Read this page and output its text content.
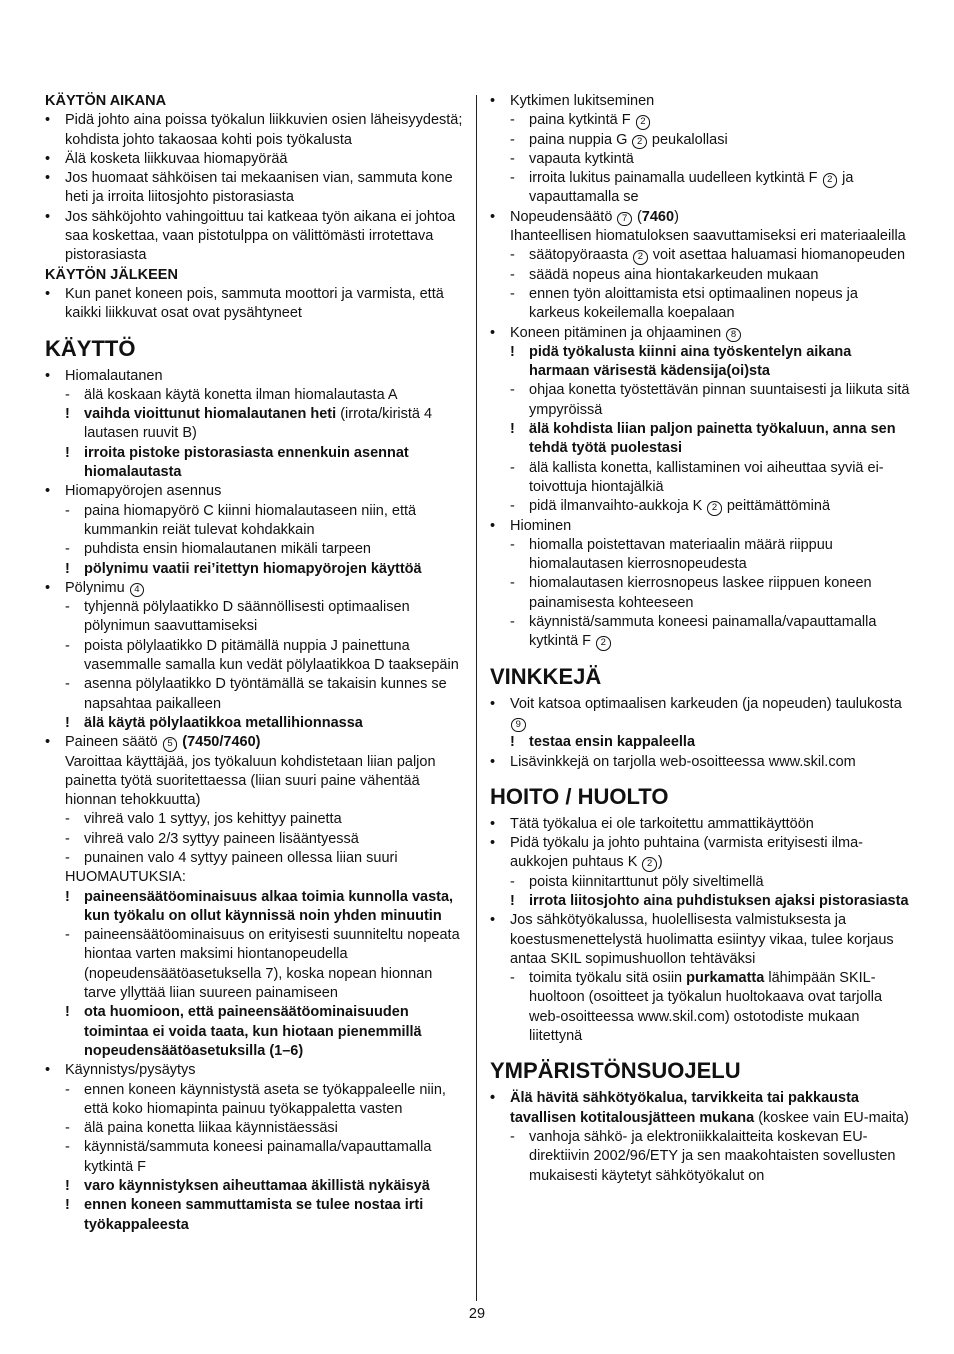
KÄYTÖN AIKANA
• Pidä johto aina poissa työkalun liikkuvien osien läheisyydestä; kohdista johto takaosaa kohti pois työkalusta
• Älä kosketa liikkuvaa hiomapyörää
• Jos huomaat sähköisen tai mekaanisen vian, sammuta kone heti ja irroita liitosjohto pistorasiasta
• Jos sähköjohto vahingoittuu tai katkeaa työn aikana ei johtoa saa koskettaa, vaan pistotulppa on välittömästi irrotettava pistorasiasta
KÄYTÖN JÄLKEEN
• Kun panet koneen pois, sammuta moottori ja varmista, että kaikki liikkuvat osat ovat pysähtyneet
KÄYTTÖ
• Hiomalautanen
- älä koskaan käytä konetta ilman hiomalautasta A
! vaihda vioittunut hiomalautanen heti (irrota/kiristä 4 lautasen ruuvit B)
! irroita pistoke pistorasiasta ennenkuin asennat hiomalautasta
• Hiomapyörojen asennus
- paina hiomapyörö C kiinni hiomalautaseen niin, että kummankin reiät tulevat kohdakkain
- puhdista ensin hiomalautanen mikäli tarpeen
! pölynimu vaatii rei’itettyn hiomapyörojen käyttöä
• Pölynimu 4
- tyhjennä pölylaatikko D säännöllisesti optimaalisen pölynimun saavuttamiseksi
- poista pölylaatikko D pitämällä nuppia J painettuna vasemmalle samalla kun vedät pölylaatikkoa D taaksepäin
- asenna pölylaatikko D työntämällä se takaisin kunnes se napsahtaa paikalleen
! älä käytä pölylaatikkoa metallihionnassa
• Paineen säätö 5 (7450/7460)
Varoittaa käyttäjää, jos työkaluun kohdistetaan liian paljon painetta työtä suoritettaessa (liian suuri paine vähentää hionnan tehokkuutta)
- vihreä valo 1 syttyy, jos kehittyy painetta
- vihreä valo 2/3 syttyy paineen lisääntyessä
- punainen valo 4 syttyy paineen ollessa liian suuri
HUOMAUTUKSIA:
! paineensäätöominaisuus alkaa toimia kunnolla vasta, kun työkalu on ollut käynnissä noin yhden minuutin
- paineensäätöominaisuus on erityisesti suunniteltu nopeata hiontaa varten maksimi hiontanopeudella (nopeudensäätöasetuksella 7), koska nopean hionnan tarve yllyttää liian suureen painamiseen
! ota huomioon, että paineensäätöominaisuuden toimintaa ei voida taata, kun hiotaan pienemmillä nopeudensäätöasetuksilla (1–6)
• Käynnistys/pysäytys
- ennen koneen käynnistystä aseta se työkappaleelle niin, että koko hiomapinta painuu työkappaletta vasten
- älä paina konetta liikaa käynnistäessäsi
- käynnistä/sammuta koneesi painamalla/vapauttamalla kytkintä F
! varo käynnistyksen aiheuttamaa äkillistä nykäisyä
! ennen koneen sammuttamista se tulee nostaa irti työkappaleesta
• Kytkimen lukitseminen
- paina kytkintä F 2
- paina nuppia G 2 peukalollasi
- vapauta kytkintä
- irroita lukitus painamalla uudelleen kytkintä F 2 ja vapauttamalla se
• Nopeudensäätö 7 (7460)
Ihanteellisen hiomatuloksen saavuttamiseksi eri materiaaleilla
- säätopyöraasta 2 voit asettaa haluamasi hiomanopeuden
- säädä nopeus aina hiontakarkeuden mukaan
- ennen työn aloittamista etsi optimaalinen nopeus ja karkeus kokeilemalla koepalaan
• Koneen pitäminen ja ohjaaminen 8
! pidä työkalusta kiinni aina työskentelyn aikana harmaan värisestä kädensija(oi)sta
- ohjaa konetta työstettävän pinnan suuntaisesti ja liikuta sitä ympyröissä
! älä kohdista liian paljon painetta työkaluun, anna sen tehdä työtä puolestasi
- älä kallista konetta, kallistaminen voi aiheuttaa syviä ei-toivottuja hiontajälkiä
- pidä ilmanvaihto-aukkoja K 2 peittämättöminä
• Hiominen
- hiomalla poistettavan materiaalin määrä riippuu hiomalautasen kierrosnopeudesta
- hiomalautasen kierrosnopeus laskee riippuen koneen painamisesta kohteeseen
- käynnistä/sammuta koneesi painamalla/vapauttamalla kytkintä F 2
VINKKEJÄ
• Voit katsoa optimaalisen karkeuden (ja nopeuden) taulukosta 9
! testaa ensin kappaleella
• Lisävinkkejä on tarjolla web-osoitteessa www.skil.com
HOITO / HUOLTO
• Tätä työkalua ei ole tarkoitettu ammattikäyttöön
• Pidä työkalu ja johto puhtaina (varmista erityisesti ilma-aukkojen puhtaus K 2 )
- poista kiinnitarttunut pöly siveltimellä
! irrota liitosjohto aina puhdistuksen ajaksi pistorasiasta
• Jos sähkötyökalussa, huolellisesta valmistuksesta ja koestusmenettelystä huolimatta esiintyy vikaa, tulee korjaus antaa SKIL sopimushuollon tehtäväksi
- toimita työkalu sitä osiin purkamatta lähimpään SKIL-huoltoon (osoitteet ja työkalun huoltokaava ovat tarjolla web-osoitteessa www.skil.com) ostotodiste mukaan liitettynä
YMPÄRISTÖNSUOJELU
• Älä hävitä sähkötyökalua, tarvikkeita tai pakkausta tavallisen kotitalousjätteen mukana (koskee vain EU-maita)
- vanhoja sähkö- ja elektroniikkalaitteita koskevan EU-direktiivin 2002/96/ETY ja sen maakohtaisten sovellusten mukaisesti käytetyt sähkötyökalut on
29
